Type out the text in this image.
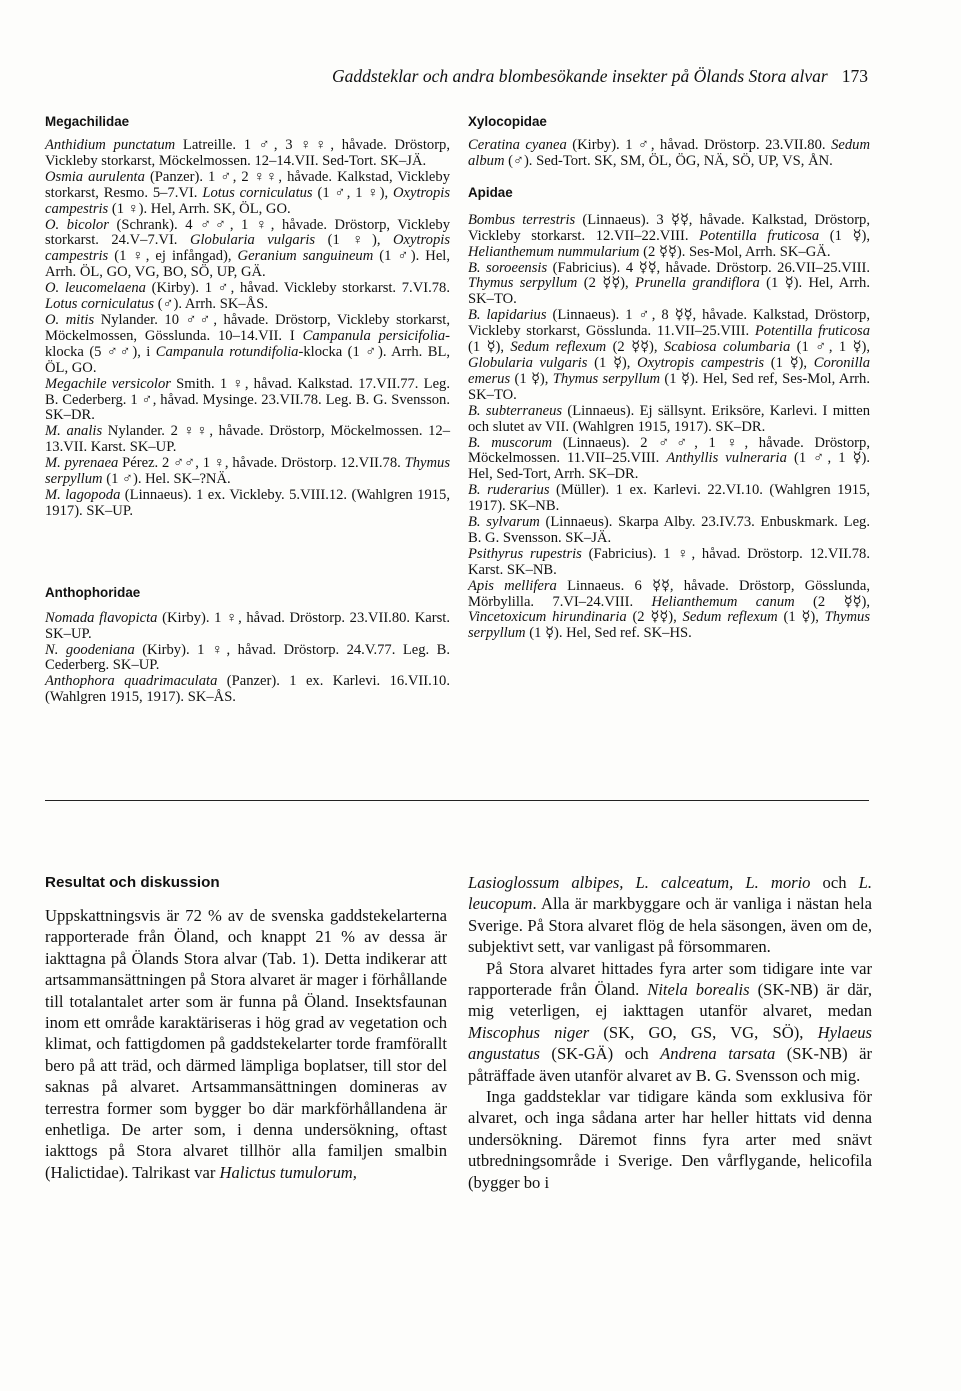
Gaddsteklar och andra blombesökande insekter på Ölands Stora alvar 173
Megachilidae

Anthidium punctatum Latreille. 1 ♂, 3 ♀♀, håvade. Dröstorp, Vickleby storkarst, Möckelmossen. 12–14.VII. Sed-Tort. SK–JÄ.

Osmia aurulenta (Panzer). 1 ♂, 2 ♀♀, håvade. Kalkstad, Vickleby storkarst, Resmo. 5–7.VI. Lotus corniculatus (1 ♂, 1 ♀), Oxytropis campestris (1 ♀). Hel, Arrh. SK, ÖL, GO.

O. bicolor (Schrank). 4 ♂♂, 1 ♀, håvade. Dröstorp, Vickleby storkarst. 24.V–7.VI. Globularia vulgaris (1 ♀), Oxytropis campestris (1 ♀, ej infångad), Geranium sanguineum (1 ♂). Hel, Arrh. ÖL, GO, VG, BO, SÖ, UP, GÄ.

O. leucomelaena (Kirby). 1 ♂, håvad. Vickleby storkarst. 7.VI.78. Lotus corniculatus (♂). Arrh. SK–ÅS.

O. mitis Nylander. 10 ♂♂, håvade. Dröstorp, Vickleby storkarst, Möckelmossen, Gösslunda. 10–14.VII. I Campanula persicifolia-klocka (5 ♂♂), i Campanula rotundifolia-klocka (1 ♂). Arrh. BL, ÖL, GO.

Megachile versicolor Smith. 1 ♀, håvad. Kalkstad. 17.VII.77. Leg. B. Cederberg. 1 ♂, håvad. Mysinge. 23.VII.78. Leg. B. G. Svensson. SK–DR.

M. analis Nylander. 2 ♀♀, håvade. Dröstorp, Möckelmossen. 12–13.VII. Karst. SK–UP.

M. pyrenaea Pérez. 2 ♂♂, 1 ♀, håvade. Dröstorp. 12.VII.78. Thymus serpyllum (1 ♂). Hel. SK–?NÄ.

M. lagopoda (Linnaeus). 1 ex. Vickleby. 5.VIII.12. (Wahlgren 1915, 1917). SK–UP.

Anthophoridae

Nomada flavopicta (Kirby). 1 ♀, håvad. Dröstorp. 23.VII.80. Karst. SK–UP.

N. goodeniana (Kirby). 1 ♀, håvad. Dröstorp. 24.V.77. Leg. B. Cederberg. SK–UP.

Anthophora quadrimaculata (Panzer). 1 ex. Karlevi. 16.VII.10. (Wahlgren 1915, 1917). SK–ÅS.

Xylocopidae

Ceratina cyanea (Kirby). 1 ♂, håvad. Dröstorp. 23.VII.80. Sedum album (♂). Sed-Tort. SK, SM, ÖL, ÖG, NÄ, SÖ, UP, VS, ÅN.

Apidae

Bombus terrestris (Linnaeus). 3 ☿☿, håvade. Kalkstad, Dröstorp, Vickleby storkarst. 12.VII–22.VIII. Potentilla fruticosa (1 ☿), Helianthemum nummularium (2 ☿☿). Ses-Mol, Arrh. SK–GÄ.

B. soroeensis (Fabricius). 4 ☿☿, håvade. Dröstorp. 26.VII–25.VIII. Thymus serpyllum (2 ☿☿), Prunella grandiflora (1 ☿). Hel, Arrh. SK–TO.

B. lapidarius (Linnaeus). 1 ♂, 8 ☿☿, håvade. Kalkstad, Dröstorp, Vickleby storkarst, Gösslunda. 11.VII–25.VIII. Potentilla fruticosa (1 ☿), Sedum reflexum (2 ☿☿), Scabiosa columbaria (1 ♂, 1 ☿), Globularia vulgaris (1 ☿), Oxytropis campestris (1 ☿), Coronilla emerus (1 ☿), Thymus serpyllum (1 ☿). Hel, Sed ref, Ses-Mol, Arrh. SK–TO.

B. subterraneus (Linnaeus). Ej sällsynt. Eriksöre, Karlevi. I mitten och slutet av VII. (Wahlgren 1915, 1917). SK–DR.

B. muscorum (Linnaeus). 2 ♂♂, 1 ♀, håvade. Dröstorp, Möckelmossen. 11.VII–25.VIII. Anthyllis vulneraria (1 ♂, 1 ☿). Hel, Sed-Tort, Arrh. SK–DR.

B. ruderarius (Müller). 1 ex. Karlevi. 22.VI.10. (Wahlgren 1915, 1917). SK–NB.

B. sylvarum (Linnaeus). Skarpa Alby. 23.IV.73. Enbuskmark. Leg. B. G. Svensson. SK–JÄ.

Psithyrus rupestris (Fabricius). 1 ♀, håvad. Dröstorp. 12.VII.78. Karst. SK–NB.

Apis mellifera Linnaeus. 6 ☿☿, håvade. Dröstorp, Gösslunda, Mörbylilla. 7.VI–24.VIII. Helianthemum canum (2 ☿☿), Vincetoxicum hirundinaria (2 ☿☿), Sedum reflexum (1 ☿), Thymus serpyllum (1 ☿). Hel, Sed ref. SK–HS.

Resultat och diskussion

Uppskattningsvis är 72 % av de svenska gaddstekelarterna rapporterade från Öland, och knappt 21 % av dessa är iakttagna på Ölands Stora alvar (Tab. 1). Detta indikerar att artsammansättningen på Stora alvaret är mager i förhållande till totalantalet arter som är funna på Öland. Insektsfaunan inom ett område karaktäriseras i hög grad av vegetation och klimat, och fattigdomen på gaddstekelarter torde framförallt bero på att träd, och därmed lämpliga boplatser, till stor del saknas på alvaret. Artsammansättningen domineras av terrestra former som bygger bo där markförhållandena är enhetliga. De arter som, i denna undersökning, oftast iakttogs på Stora alvaret tillhör alla familjen smalbin (Halictidae). Talrikast var Halictus tumulorum,

Lasioglossum albipes, L. calceatum, L. morio och L. leucopum. Alla är markbyggare och är vanliga i nästan hela Sverige. På Stora alvaret flög de hela säsongen, även om de, subjektivt sett, var vanligast på försommaren.

På Stora alvaret hittades fyra arter som tidigare inte var rapporterade från Öland. Nitela borealis (SK-NB) är där, mig veterligen, ej iakttagen utanför alvaret, medan Miscophus niger (SK, GO, GS, VG, SÖ), Hylaeus angustatus (SK-GÄ) och Andrena tarsata (SK-NB) är påträffade även utanför alvaret av B. G. Svensson och mig.

Inga gaddsteklar var tidigare kända som exklusiva för alvaret, och inga sådana arter har heller hittats vid denna undersökning. Däremot finns fyra arter med snävt utbredningsområde i Sverige. Den vårflygande, helicofila (bygger bo i
